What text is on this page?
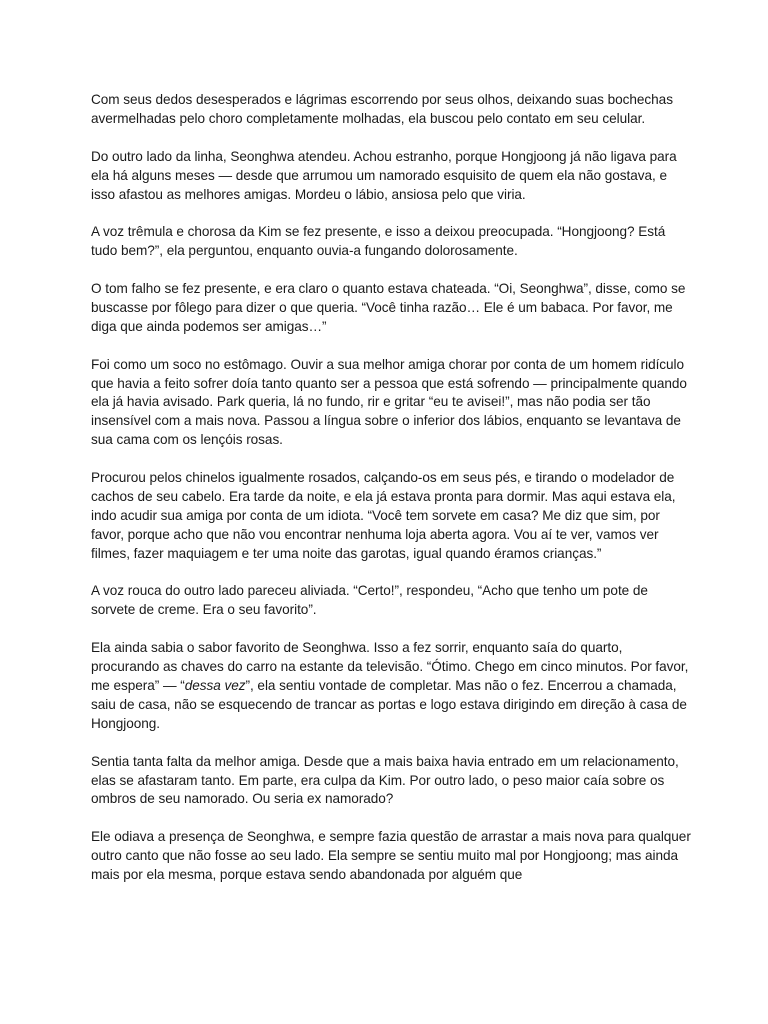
Com seus dedos desesperados e lágrimas escorrendo por seus olhos, deixando suas bochechas avermelhadas pelo choro completamente molhadas, ela buscou pelo contato em seu celular.

Do outro lado da linha, Seonghwa atendeu. Achou estranho, porque Hongjoong já não ligava para ela há alguns meses — desde que arrumou um namorado esquisito de quem ela não gostava, e isso afastou as melhores amigas. Mordeu o lábio, ansiosa pelo que viria.

A voz trêmula e chorosa da Kim se fez presente, e isso a deixou preocupada. “Hongjoong? Está tudo bem?”, ela perguntou, enquanto ouvia-a fungando dolorosamente.

O tom falho se fez presente, e era claro o quanto estava chateada. “Oi, Seonghwa”, disse, como se buscasse por fôlego para dizer o que queria. “Você tinha razão… Ele é um babaca. Por favor, me diga que ainda podemos ser amigas…”

Foi como um soco no estômago. Ouvir a sua melhor amiga chorar por conta de um homem ridículo que havia a feito sofrer doía tanto quanto ser a pessoa que está sofrendo — principalmente quando ela já havia avisado. Park queria, lá no fundo, rir e gritar “eu te avisei!”, mas não podia ser tão insensível com a mais nova. Passou a língua sobre o inferior dos lábios, enquanto se levantava de sua cama com os lençóis rosas.

Procurou pelos chinelos igualmente rosados, calçando-os em seus pés, e tirando o modelador de cachos de seu cabelo. Era tarde da noite, e ela já estava pronta para dormir. Mas aqui estava ela, indo acudir sua amiga por conta de um idiota. “Você tem sorvete em casa? Me diz que sim, por favor, porque acho que não vou encontrar nenhuma loja aberta agora. Vou aí te ver, vamos ver filmes, fazer maquiagem e ter uma noite das garotas, igual quando éramos crianças.”

A voz rouca do outro lado pareceu aliviada. “Certo!”, respondeu, “Acho que tenho um pote de sorvete de creme. Era o seu favorito”.

Ela ainda sabia o sabor favorito de Seonghwa. Isso a fez sorrir, enquanto saía do quarto, procurando as chaves do carro na estante da televisão. “Ótimo. Chego em cinco minutos. Por favor, me espera” — “dessa vez”, ela sentiu vontade de completar. Mas não o fez. Encerrou a chamada, saiu de casa, não se esquecendo de trancar as portas e logo estava dirigindo em direção à casa de Hongjoong.

Sentia tanta falta da melhor amiga. Desde que a mais baixa havia entrado em um relacionamento, elas se afastaram tanto. Em parte, era culpa da Kim. Por outro lado, o peso maior caía sobre os ombros de seu namorado. Ou seria ex namorado?

Ele odiava a presença de Seonghwa, e sempre fazia questão de arrastar a mais nova para qualquer outro canto que não fosse ao seu lado. Ela sempre se sentiu muito mal por Hongjoong; mas ainda mais por ela mesma, porque estava sendo abandonada por alguém que
